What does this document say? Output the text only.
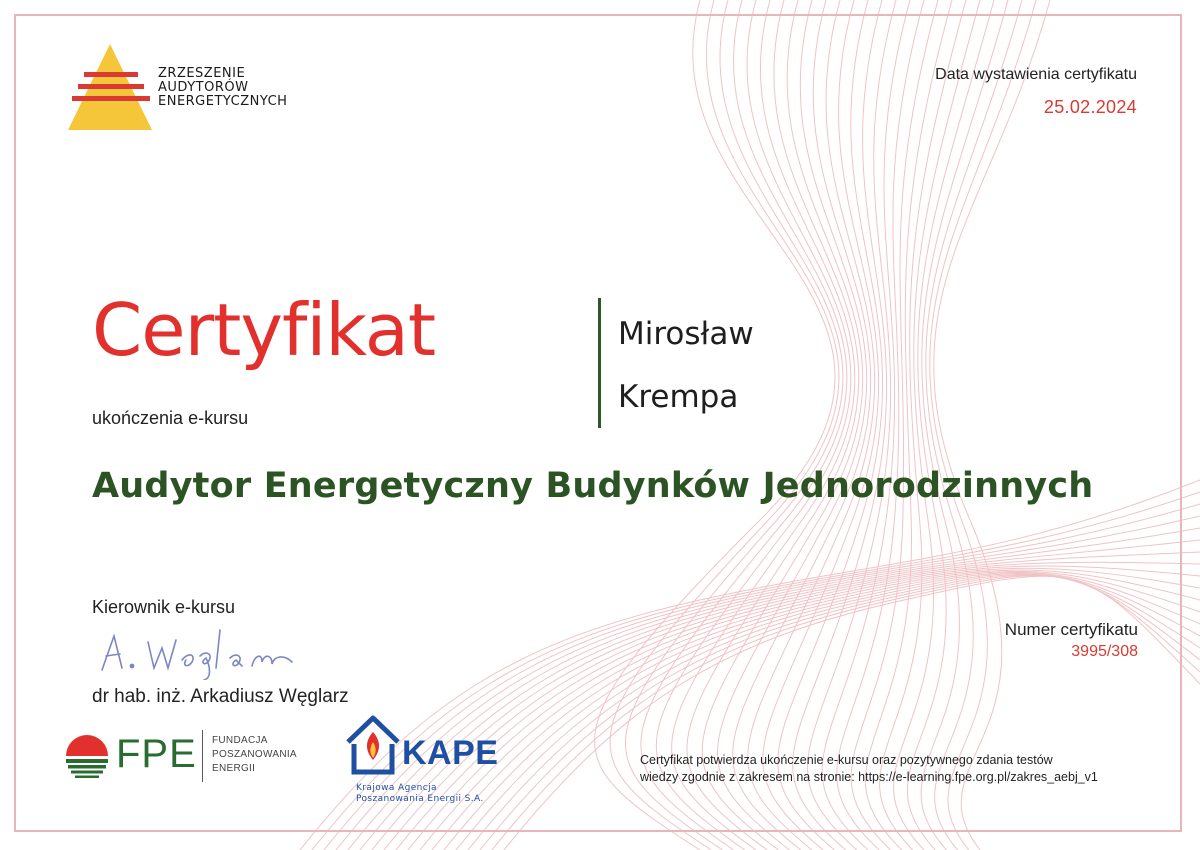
ZRZESZENIE
AUDYTORÓW
ENERGETYCZNYCH
Data wystawienia certyfikatu
25.02.2024
Certyfikat
ukończenia e-kursu
Mirosław
Krempa
Audytor Energetyczny Budynków Jednorodzinnych
Kierownik e-kursu
dr hab. inż. Arkadiusz Węglarz
Numer certyfikatu
3995/308
FPE FUNDACJA
POSZANOWANIA
ENERGII	KAPE
Krajowa Agencja
Poszanowania Energii S.A.
Certyfikat potwierdza ukończenie e-kursu oraz pozytywnego zdania testów
wiedzy zgodnie z zakresem na stronie: https://e-learning.fpe.org.pl/zakres_aebj_v1
